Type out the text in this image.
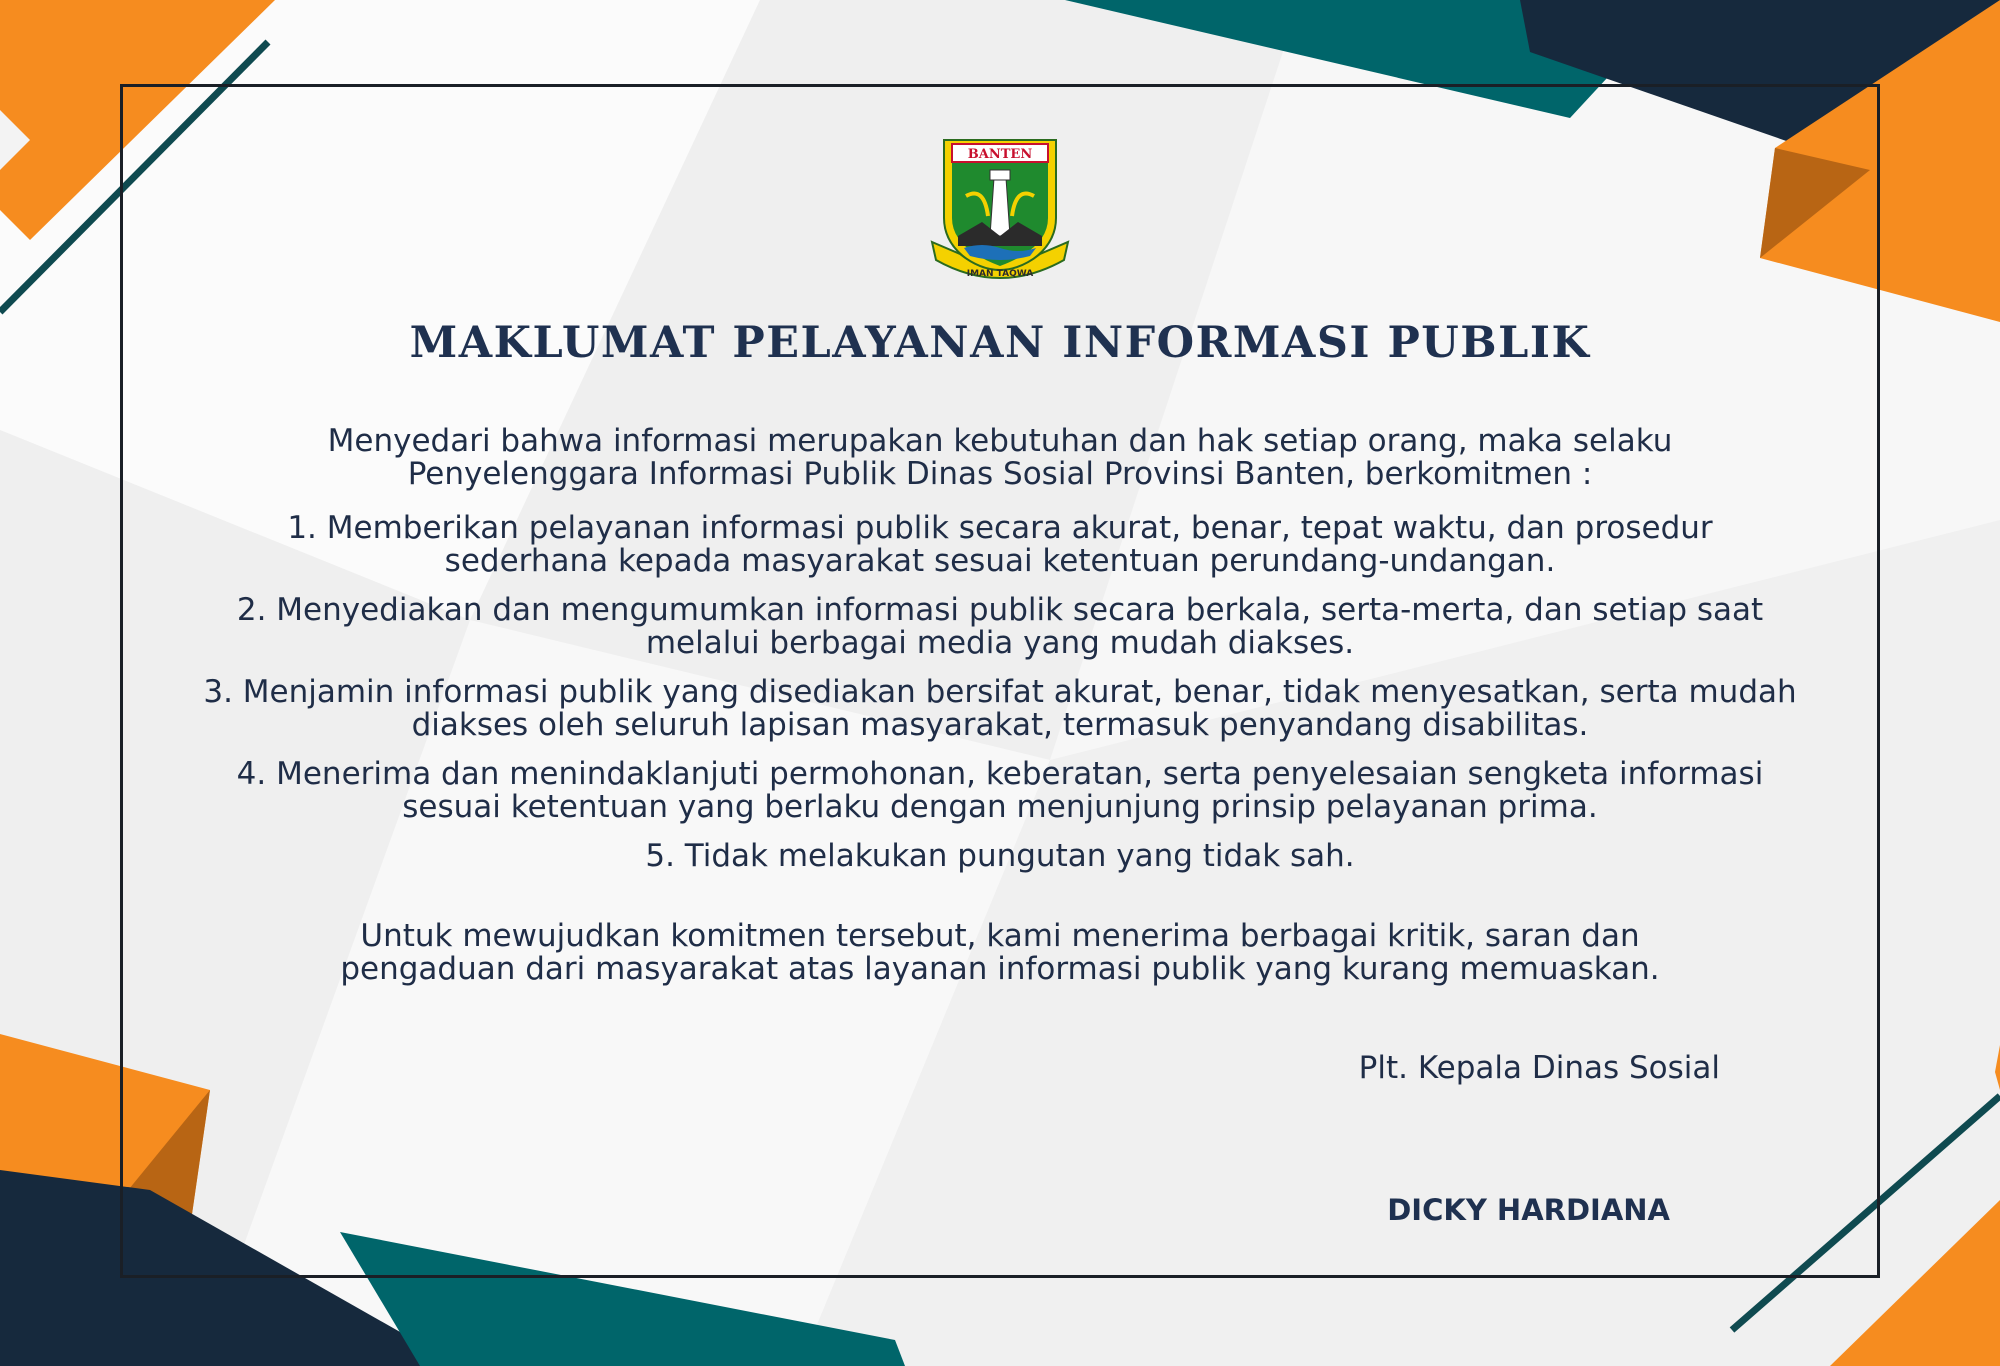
BANTEN
IMAN TAQWA
MAKLUMAT PELAYANAN INFORMASI PUBLIK
Menyedari bahwa informasi merupakan kebutuhan dan hak setiap orang, maka selaku
Penyelenggara Informasi Publik Dinas Sosial Provinsi Banten, berkomitmen :
1. Memberikan pelayanan informasi publik secara akurat, benar, tepat waktu, dan prosedur
sederhana kepada masyarakat sesuai ketentuan perundang-undangan.
2. Menyediakan dan mengumumkan informasi publik secara berkala, serta-merta, dan setiap saat
melalui berbagai media yang mudah diakses.
3. Menjamin informasi publik yang disediakan bersifat akurat, benar, tidak menyesatkan, serta mudah
diakses oleh seluruh lapisan masyarakat, termasuk penyandang disabilitas.
4. Menerima dan menindaklanjuti permohonan, keberatan, serta penyelesaian sengketa informasi
sesuai ketentuan yang berlaku dengan menjunjung prinsip pelayanan prima.
5. Tidak melakukan pungutan yang tidak sah.
Untuk mewujudkan komitmen tersebut, kami menerima berbagai kritik, saran dan
pengaduan dari masyarakat atas layanan informasi publik yang kurang memuaskan.
Plt. Kepala Dinas Sosial
DICKY HARDIANA
